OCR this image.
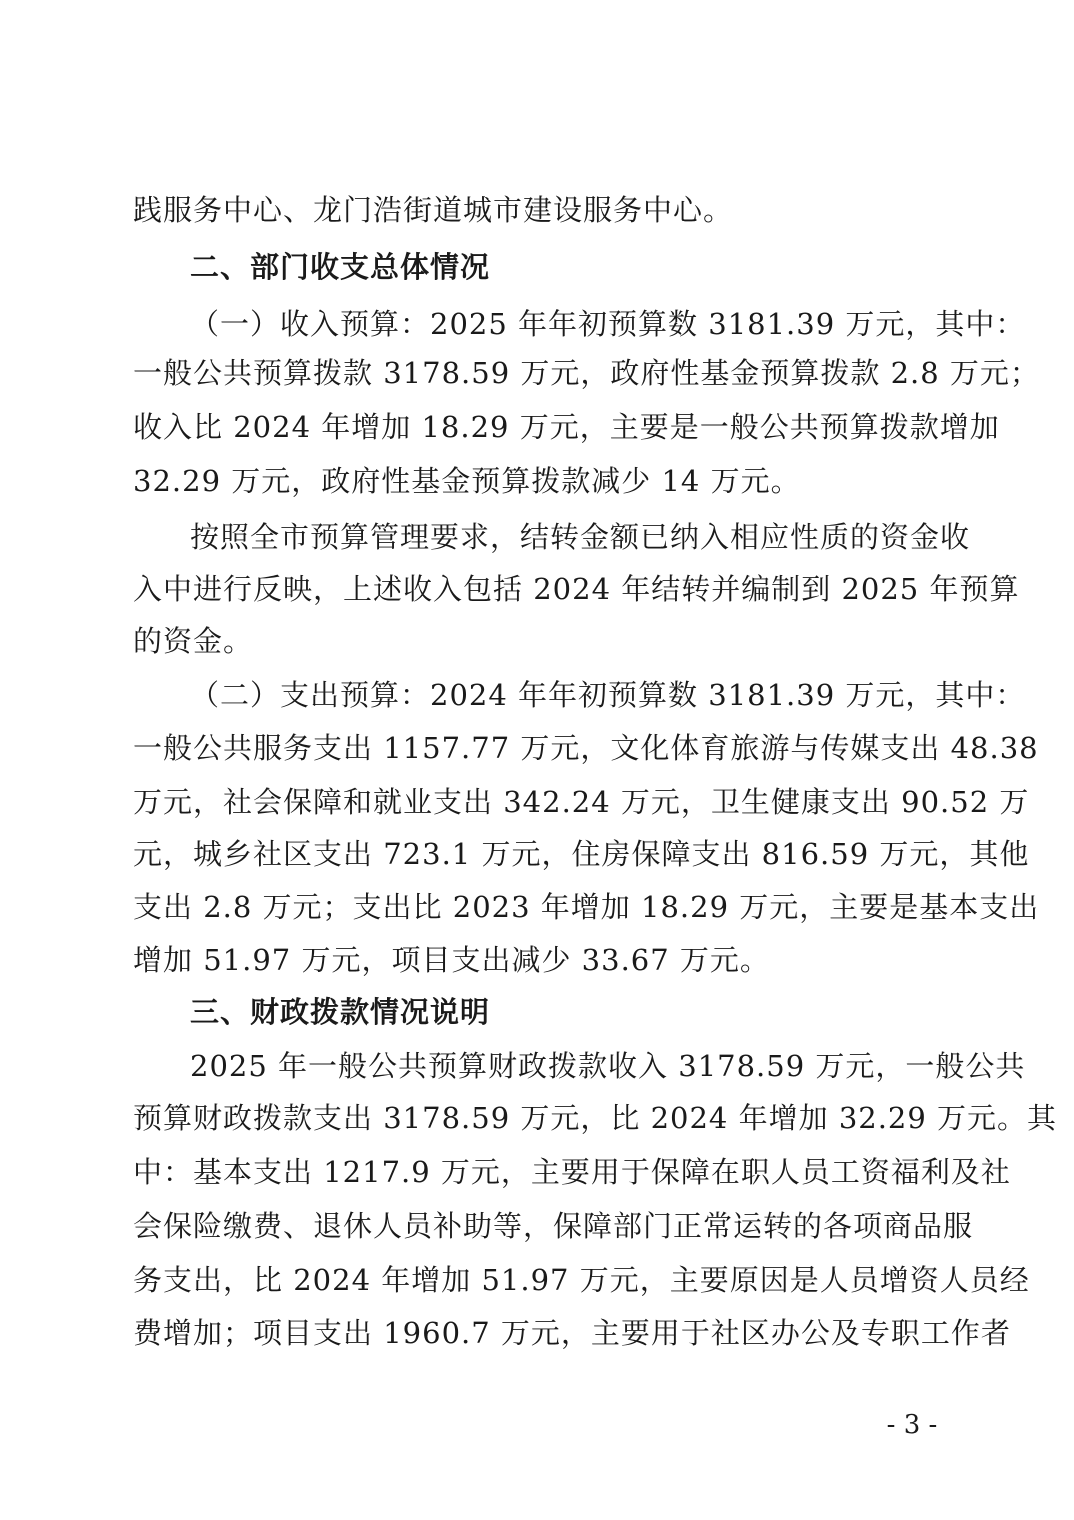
践服务中心、龙门浩街道城市建设服务中心。
二、部门收支总体情况
（一）收入预算：2025 年年初预算数 3181.39 万元，其中：
一般公共预算拨款 3178.59 万元，政府性基金预算拨款 2.8 万元；
收入比 2024 年增加 18.29 万元，主要是一般公共预算拨款增加
32.29 万元，政府性基金预算拨款减少 14 万元。
按照全市预算管理要求，结转金额已纳入相应性质的资金收
入中进行反映，上述收入包括 2024 年结转并编制到 2025 年预算
的资金。
（二）支出预算：2024 年年初预算数 3181.39 万元，其中：
一般公共服务支出 1157.77 万元，文化体育旅游与传媒支出 48.38
万元，社会保障和就业支出 342.24 万元，卫生健康支出 90.52 万
元，城乡社区支出 723.1 万元，住房保障支出 816.59 万元，其他
支出 2.8 万元；支出比 2023 年增加 18.29 万元，主要是基本支出
增加 51.97 万元，项目支出减少 33.67 万元。
三、财政拨款情况说明
2025 年一般公共预算财政拨款收入 3178.59 万元，一般公共
预算财政拨款支出 3178.59 万元，比 2024 年增加 32.29 万元。其
中：基本支出 1217.9 万元，主要用于保障在职人员工资福利及社
会保险缴费、退休人员补助等，保障部门正常运转的各项商品服
务支出，比 2024 年增加 51.97 万元，主要原因是人员增资人员经
费增加；项目支出 1960.7 万元，主要用于社区办公及专职工作者
- 3 -
